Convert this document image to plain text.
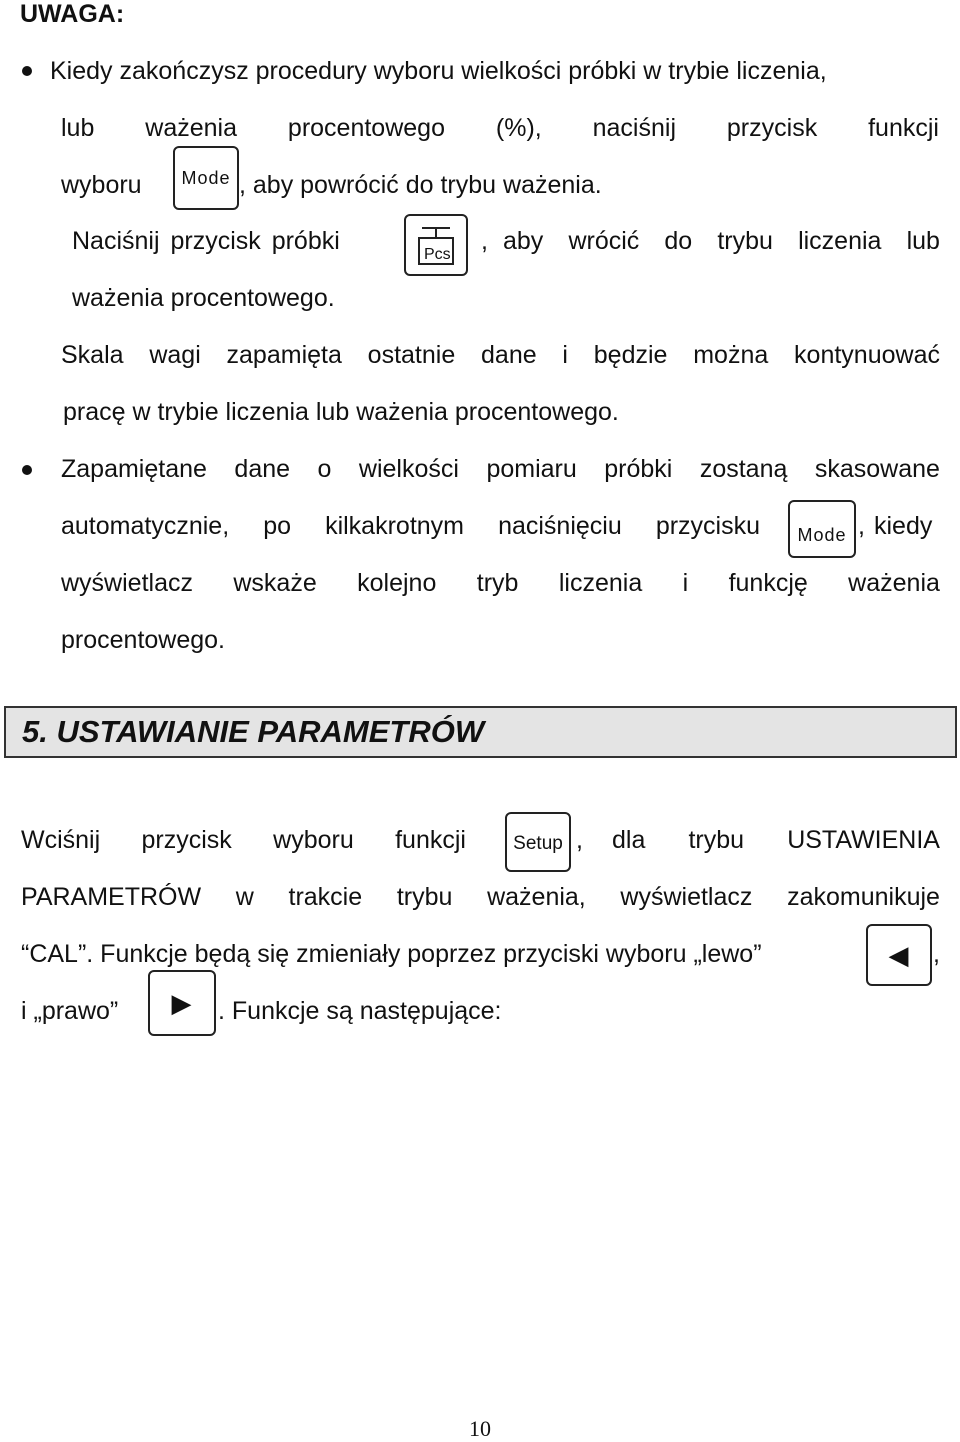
UWAGA:
Kiedy zakończysz procedury wyboru wielkości próbki w trybie liczenia,
lub ważenia procentowego (%), naciśnij przycisk funkcji
wyboru Mode , aby powrócić do trybu ważenia.
Naciśnij przycisk próbki	Pcs , aby wrócić do trybu liczenia lub
ważenia procentowego.
Skala wagi zapamięta ostatnie dane i będzie można kontynuować
pracę w trybie liczenia lub ważenia procentowego.
Zapamiętane dane o wielkości pomiaru próbki zostaną skasowane
automatycznie, po kilkakrotnym naciśnięciu przycisku Mode , kiedy
wyświetlacz wskaże kolejno tryb liczenia i funkcję ważenia
procentowego.
5. USTAWIANIE PARAMETRÓW
Wciśnij przycisk wyboru funkcji Setup , dla trybu USTAWIENIA
PARAMETRÓW w trakcie trybu ważenia, wyświetlacz zakomunikuje
“CAL”. Funkcje będą się zmieniały poprzez przyciski wyboru „lewo”	◀ ,
i „prawo” ▶ . Funkcje są następujące:
10
